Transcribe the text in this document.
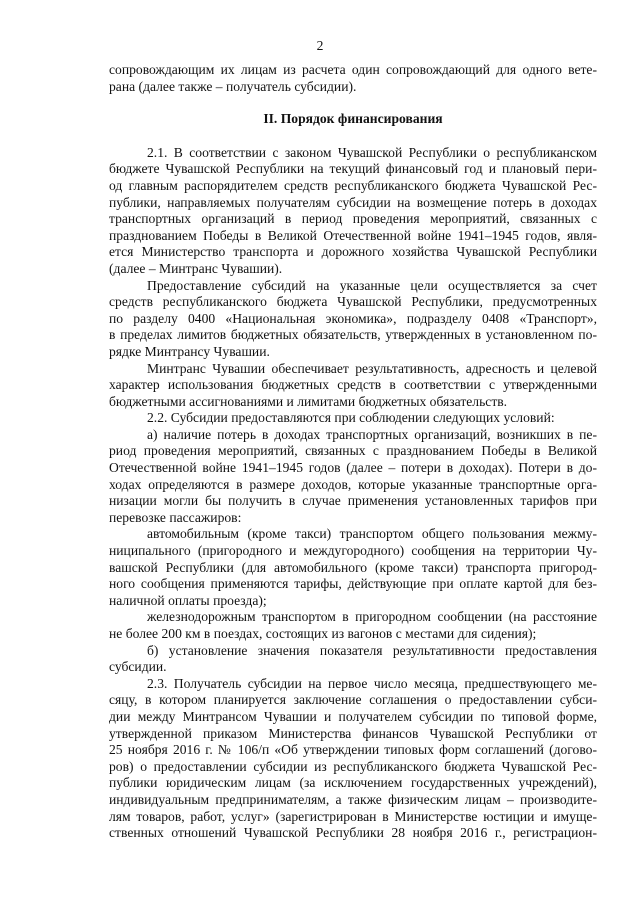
2

сопровождающим их лицам из расчета один сопровождающий для одного вете-

рана (далее также – получатель субсидии).

II. Порядок финансирования

2.1. В соответствии с законом Чувашской Республики о республиканском

бюджете Чувашской Республики на текущий финансовый год и плановый пери-

од главным распорядителем средств республиканского бюджета Чувашской Рес-

публики, направляемых получателям субсидии на возмещение потерь в доходах

транспортных организаций в период проведения мероприятий, связанных с

празднованием Победы в Великой Отечественной войне 1941–1945 годов, явля-

ется Министерство транспорта и дорожного хозяйства Чувашской Республики

(далее – Минтранс Чувашии).

Предоставление субсидий на указанные цели осуществляется за счет

средств республиканского бюджета Чувашской Республики, предусмотренных

по разделу 0400 «Национальная экономика», подразделу 0408 «Транспорт»,

в пределах лимитов бюджетных обязательств, утвержденных в установленном по-

рядке Минтрансу Чувашии.

Минтранс Чувашии обеспечивает результативность, адресность и целевой

характер использования бюджетных средств в соответствии с утвержденными

бюджетными ассигнованиями и лимитами бюджетных обязательств.

2.2. Субсидии предоставляются при соблюдении следующих условий:

а) наличие потерь в доходах транспортных организаций, возникших в пе-

риод проведения мероприятий, связанных с празднованием Победы в Великой

Отечественной войне 1941–1945 годов (далее – потери в доходах). Потери в до-

ходах определяются в размере доходов, которые указанные транспортные орга-

низации могли бы получить в случае применения установленных тарифов при

перевозке пассажиров:

автомобильным (кроме такси) транспортом общего пользования межму-

ниципального (пригородного и междугородного) сообщения на территории Чу-

вашской Республики (для автомобильного (кроме такси) транспорта пригород-

ного сообщения применяются тарифы, действующие при оплате картой для без-

наличной оплаты проезда);

железнодорожным транспортом в пригородном сообщении (на расстояние

не более 200 км в поездах, состоящих из вагонов с местами для сидения);

б) установление значения показателя результативности предоставления

субсидии.

2.3. Получатель субсидии на первое число месяца, предшествующего ме-

сяцу, в котором планируется заключение соглашения о предоставлении субси-

дии между Минтрансом Чувашии и получателем субсидии по типовой форме,

утвержденной приказом Министерства финансов Чувашской Республики от

25 ноября 2016 г. № 106/п «Об утверждении типовых форм соглашений (догово-

ров) о предоставлении субсидии из республиканского бюджета Чувашской Рес-

публики юридическим лицам (за исключением государственных учреждений),

индивидуальным предпринимателям, а также физическим лицам – производите-

лям товаров, работ, услуг» (зарегистрирован в Министерстве юстиции и имуще-

ственных отношений Чувашской Республики 28 ноября 2016 г., регистрацион-
